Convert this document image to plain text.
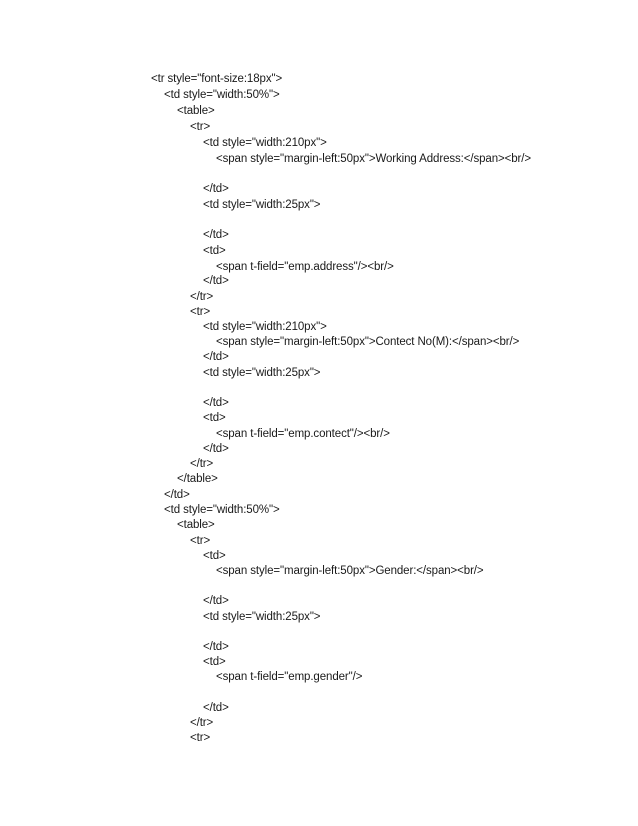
<tr style="font-size:18px">
<td style="width:50%">
<table>
<tr>
<td style="width:210px">
<span style="margin-left:50px">Working Address:</span><br/>
</td>
<td style="width:25px">
</td>
<td>
<span t-field="emp.address"/><br/>
</td>
</tr>
<tr>
<td style="width:210px">
<span style="margin-left:50px">Contect No(M):</span><br/>
</td>
<td style="width:25px">
</td>
<td>
<span t-field="emp.contect"/><br/>
</td>
</tr>
</table>
</td>
<td style="width:50%">
<table>
<tr>
<td>
<span style="margin-left:50px">Gender:</span><br/>
</td>
<td style="width:25px">
</td>
<td>
<span t-field="emp.gender"/>
</td>
</tr>
<tr>
